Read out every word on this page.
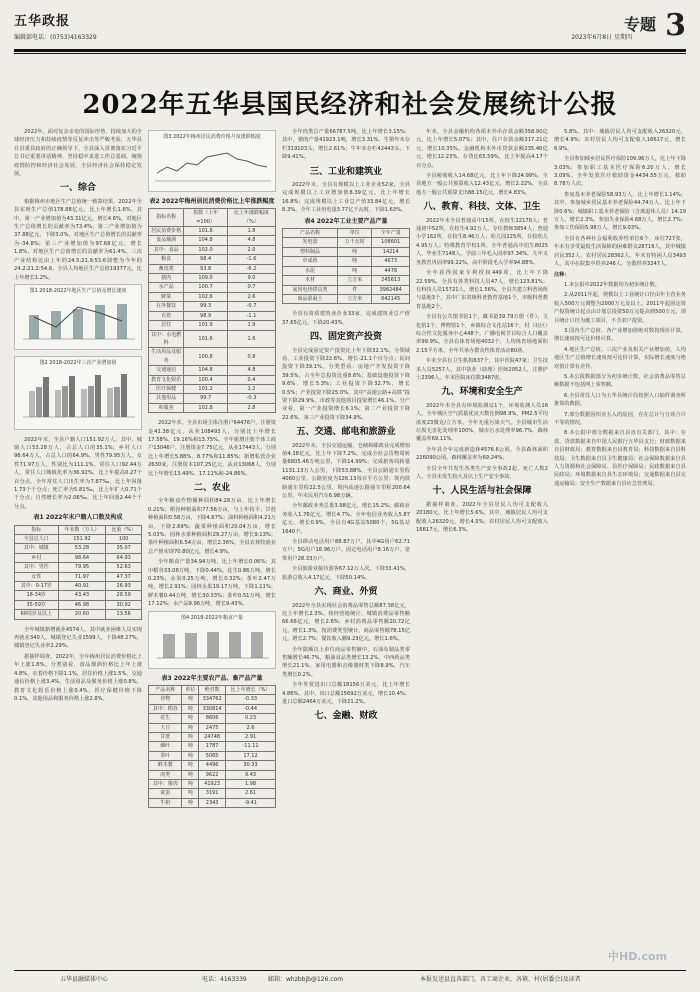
五华政报
编辑部电话：(0753)4163329	2023年6月8日 星期四
专题 3
2022年五华县国民经济和社会发展统计公报

2022年，面对复杂多变的国际形势，持续加大的全球经济压力和持续疫情等反复冲击等严峻考验，五华县在县委县政府的正确领导下，全县深入贯彻落实习近平总书记重要讲话精神，坚持稳中求进工作总基调，统筹疫情防控和经济社会发展，全县经济社会保持稳定发展。

一、综合

根据梅州市地区生产总值统一核算结果，2022年全县实现生产总值178.88亿元，比上年增长1.6%。其中，第一产业增加值为43.31亿元，增长4.6%，对地区生产总值增长的贡献率为73.4%；第二产业增加值为37.88亿元，下降3.0%，对地区生产总值增长的贡献率为-34.8%；第三产业增加值为97.68亿元，增长1.8%，对地区生产总值增长的贡献率为61.4%。三次产业结构比由上年的24.5:21.9:53.6调整为今年的24.2:21.2:54.6。全县人均地区生产总值19377元，比上年增长1.2%。

图1 2018-2022年地区生产总值及增长速度
图2 2018-2022年三次产业增加值

2022年末，全县户籍人口151.92万人。其中，城镇人口53.28万人，占总人口的35.1%；乡村人口98.64万人，占总人口的64.9%。男性79.95万人，女性71.97万人，性别比为111.1%。常住人口92.44万人，常住人口城镇化率为36.92%，比上年提高0.27个百分点。全年常住人口出生率为7.87‰，比上年回落1.73个千分点；死亡率为5.81‰，比上年扩大0.71个千分点；自然增长率为2.06‰，比上年回落2.44个千分点。

表1 2022年末户籍人口数及构成
指标	年末数（万人）	比重（%）
全县总人口	151.92	100
其中：城镇	53.28	35.07
乡村	98.64	64.93
其中：男性	79.95	52.63
女性	71.97	47.37
其中：0-17岁	40.91	26.93
18-34岁	43.43	28.59
35-59岁	46.98	30.92
60周岁及以上	20.60	13.56

全年城镇新增就业4574人，其中就业困难人员实现再就业340人。城镇登记失业1599人，下降48.27%，城镇登记失业率2.29%。

据抽样调查，2022年，全年梅州居民消费价格比上年上涨1.8%。分类别看，食品烟酒价格比上年上涨4.8%，衣着价格下降1.1%，居住价格上涨1.5%，交通通信价格上涨3.4%，生活用品及服务价格上涨0.8%，教育文化娱乐价格上涨0.4%，医疗保健价格下降0.1%，其他用品和服务价格上涨2.8%。

图3 2022年梅州居民消费价格月度涨跌幅度
表2 2022年梅州居民消费价格比上年涨跌幅度
指标名称	指数（上年=100）	比上年涨跌幅度（%）
居民消费价格	101.8	1.8
食品烟酒	104.8	4.8
其中：食品	102.0	2.0
粮食	98.4	-1.6
畜肉类	93.8	-6.2
猪肉	109.0	9.0
水产品	100.7	0.7
鲜菜	102.6	2.6
在外餐饮	99.3	-0.7
衣着	98.9	-1.1
居住	101.9	1.9
其中：水电燃料	101.6	1.6
生活用品及服务	100.8	0.8
交通通信	104.8	4.8
教育文化娱乐	100.4	0.4
医疗保健	101.2	1.2
其他用品	99.7	-0.3
和服务	102.8	2.8

2022年末，全县市场主体注册户64476户，注册资金41.38亿元，从业108493人，分别比上年增长17.58%、19.16%和13.75%。全年新增注册个体工商户13046户，注册资金7.75亿元，从业17443人，分别比上年增长5.88%、8.77%和11.85%；新增私营企业2630家，注册资本107.25亿元，从业13068人，分别比上年增长13.49%、17.11%和-24.86%。

二、农业

全年粮食作物播种面积84.28万亩，比上年增长0.21%；稻谷种植面积77.56万亩，与上年持平；甘蔗种植面积0.58万亩，下降4.67%；油料种植面积4.21万亩，下降2.69%；蔬菜种植面积20.04万亩，增长5.03%；园林水果种植面积29.27万亩，增长9.13%；茶叶种植面积6.54万亩，增长2.36%。全县农林牧渔业总产值实现70.80亿元，增长4.9%。

全年粮食产量34.94万吨，比上年增长0.06%；其中稻谷33.08万吨，下降0.44%。花生0.86万吨，增长0.23%；水果0.25万吨，增长0.32%；茶叶2.47万吨，增长2.91%；园林水果19.17万吨，下降1.11%；鲜木薯0.44万吨，增长30.33%；茶叶0.51万吨，增长17.12%；水产品9.96万吨，增长9.43%。

图4 2018-2022年粮食产量
表3 2022年主要农产品、畜产品产量
产品名称	单位	绝对数	比上年增长（%）
谷物	吨	334762	-0.33
其中：稻谷	吨	330814	-0.44
花生	吨	8606	0.23
大豆	吨	2475	2.6
甘蔗	吨	24748	2.91
烟叶	吨	1787	-11.11
茶叶	吨	5065	17.12
鲜木薯	吨	4496	30.33
肉类	吨	9622	9.43
其中：猪肉	吨	41923	1.98
禽蛋	吨	3191	2.61
牛奶	吨	2343	-9.41

全年肉类总产量66787.5吨，比上年增长3.15%；其中，猪肉产量41923.1吨，增长3.31%。生猪年末存栏319103头，增长2.61%；牛年末存栏42443头，下降9.41%。

三、工业和建筑业

2022年末，全县有规模以上工业企业52家，全县完成规模以上工业增加值8.39亿元，比上年增长16.8%；完成规模以上工业总产值33.84亿元，增长8.3%。全年工业用电量3.77亿千瓦时，下降1.63%。

表4 2022年工业主要产品产量
产品名称	单位	全年产量
发电量	万千瓦时	108601
塑料制品	吨	14214
中成药	吨	4673
水泥	吨	4478
木材	立方米	245613
家用电热烘具类	件	3982484
商品混凝土	立方米	642145

全县有资质建筑业企业33家，完成建筑业总产值37.65亿元，下降20.43%。

四、固定资产投资

全县完成固定资产投资比上年下降32.1%。分领域看，工业投资下降22.6%，增长-21.1个百分点；民间投资下降39.1%。分类型看：房地产开发投资下降39.5%，占全年总投资比重8.6%；基础设施投资下降9.6%，增长5.3%；工业投资下降32.7%，增长0.5%；产业投资下降25.0%，其中“高速公路+高铁”投资下降29.9%，市政等其他项目投资增长46.1%。分产业看，第一产业投资增长6.1%；第二产业投资下降22.6%，第三产业投资下降34.9%。

五、交通、邮电和旅游业

2022年末，全县交通运输、仓储和邮政业完成增加值4.18亿元，比上年下降7.2%。完成全社会货物周转量6805.46万吨公里，下降14.99%；完成旅客周转量1131.13万人公里，下降53.88%。全县公路通车里程4060公里，公路密度为126.13每百平方公里；境内铁路通车里程22.5公里，境内高速公路通车里程200.64公里。年末民用汽车6.98万辆。

全年邮政业务总量3.98亿元，增长15.2%；邮政业务收入1.76亿元，增长4.7%。全年电信业务收入5.87亿元，增长0.9%。全县有4G基站5080个，5G基站1640个。

全县移动电话用户88.87万户，其中4G用户62.71万户；5G用户18.96万户。固定电话用户8.16万户。宽带用户28.33万户。

全县旅游业接待游客67.12万人次，下降33.41%，旅游总收入4.17亿元，下降50.14%。

六、商业、外贸

2022年全县实现社会消费品零售总额87.38亿元，比上年增长2.3%。按经营地统计，城镇消费品零售额66.66亿元，增长2.6%；乡村消费品零售额20.72亿元，增长1.3%。按消费类型统计，商品零售额78.15亿元，增长2.7%；餐饮收入额9.23亿元，增长1.6%。

全年限额以上单位商品零售额中，石油及制品类零售额增长46.7%，粮油食品类增长13.2%，中西药品类增长21.1%，家用电器和音像器材类下降8.9%，汽车类增长0.2%。

全年外贸进出口总额18156万美元，比上年增长4.86%。其中，出口总额15692万美元，增长10.4%；进口总额2464万美元，下降21.2%。

七、金融、财政

年末，全县金融机构各项本外币存款余额358.90亿元，比上年增长5.07%；其中，住户存款余额317.21亿元，增长10.35%。金融机构本外币贷款余额235.40亿元，增长12.23%，存贷比65.59%，比上年提高4.17个百分点。

全县税收收入14.68亿元，比上年下降24.99%。全县地方一般公共预算收入12.43亿元，增长2.22%。全县地方一般公共预算支出88.15亿元，增长4.83%。

八、教育、科技、文体、卫生

2022年末全县普通高中15所，在校生22170人；普通初中52所，在校生4.92万人，专任教师3854人；普通小学162所，在校生8.46万人；幼儿园225所，在校幼儿4.95万人；特殊教育学校1所。全年普通高中招生8025人，毕业生7148人。学前三年毛入园率97.34%，九年义务教育巩固率99.22%，高中阶段毛入学率94.88%。

全年获得国家专利授权449项，比上年下降22.59%。全县有各类科技人员47人，增长123.81%；有科技人员15721人，增长1.56%。全县共建立科普场所与基地3个，其中广东省级科普教育基地1个，市级科普教育基地2个。

全县有公共图书馆1个，藏书量39.79万册（件），文化馆1个，博物馆1个，乡镇综合文化站16个，村（社区）综合性文化服务中心448个，广播电视节目综合人口覆盖率99.9%。全县有体育场地4032个，人均体育场地面积2.15平方米。全年共举办群众性体育活动80场。

年末全县有卫生机构637个，其中医院47家；卫生技术人员5257人，其中执业（助理）医师2052人，注册护士2396人。年末医院床位数3487张。

九、环境和安全生产

2022年末全县有环境监测站1个，环境监测人员16人。全年城区空气质量优良天数比例98.9%，PM2.5平均浓度23微克/立方米，全年无重污染天气。全县城市生活垃圾无害化处理率100%，城市污水处理率96.7%。森林覆盖率69.11%。

全年县全年完成新造林4576.6公顷，全县森林面积226090公顷，森林覆盖率为69.24%。

全县全年共发生各类生产安全事故2起，死亡人数2人。全县未发生较大及以上生产安全事故。

十、人民生活与社会保障

据抽样调查，2022年全县居民人均可支配收入20180元，比上年增长5.6%。其中，城镇居民人均可支配收入26320元，增长4.5%；农村居民人均可支配收入16617元，增长6.3%。

5.8%。其中：城镇居民人均可支配收入26320元，增长4.9%；农村居民人均可支配收入16617元，增长6.9%。

全县参加城乡居民医疗保险109.96万人，比上年下降3.03%；参加职工基本医疗保险6.20万人，增长3.09%。全年发放医疗救助资金4434.55万元，救助8.78万人次。

参加基本养老保险58.93万人，比上年增长1.14%；其中，参加城乡居民基本养老保险44.74万人，比上年下降0.6%；城镇职工基本养老保险（含离退休人员）14.19万人，增长2.3%。参加失业保险4.68万人，增长2.7%；参加工伤保险5.98万人，增长9.03%。

全县有各种社会福利收养性单位6个，床位727张。年末有享受最低生活保障的困难群众28716人，其中城镇居民352人，农村居民28362人。年末有特困人员3493人，其中在院集中供养246人，分散供养3247人。

注释：

1.本公报中2022年数据均为初步统计数。

2.从2011年起，规模以上工业统计口径由年主营业务收入500万元调整为2000万元及以上。2011年起固定资产投资统计起点由计划总投资50万元提高到500万元，项目统计口径为施工项目，不含农户投资。

3.国内生产总值、各产业增加值绝对数按现价计算，增长速度按可比价格计算。

4.地区生产总值、三次产业及相关产业增加值，人均地区生产总值增长速度按可比价计算，实际增长速度与绝对值计算有差异。

5.本公报数据部分为初步统计数。社会消费品零售总额数据不包括网上零售额。

6.全县常住人口为五华县统计局按照人口抽样调查所推算的数据。

7.部分数据因四舍五入的原因，存在总计与分项合计不等的情况。

8.本公报中部分数据来自县直有关部门，其中：存款、贷款数据来自中国人民银行五华县支行；财政数据来自县财政局；教育数据来自县教育局；科技数据来自县科技局；卫生数据来自县卫生健康局；社会保障数据来自县人力资源和社会保障局、县医疗保障局；民政数据来自县民政局；环境数据来自县生态环境局；交通数据来自县交通运输局；安全生产数据来自县应急管理局。

中HD.com
五华县融媒体中心	电话：4163339	邮箱：whzbbjb@126.com	本报发送县直各部门，各工商企业，各镇、村(居委会)及读者
